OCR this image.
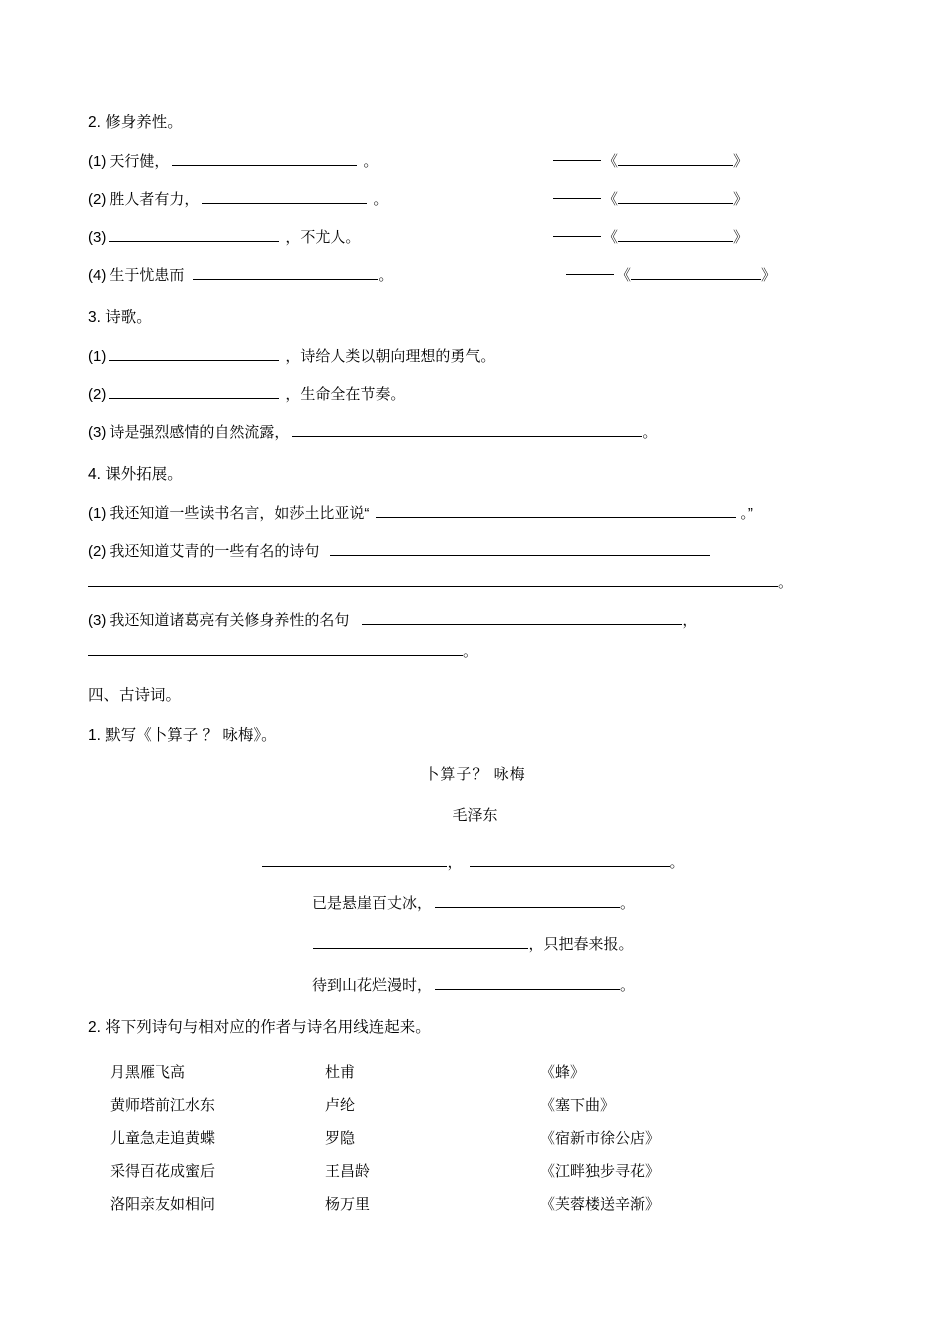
2. 修身养性。
(1) 天行健，	。	《	》
(2) 胜人者有力，	。	《	》
(3)	，不尤人。	《	》
(4) 生于忧患而	。	《	》
3. 诗歌。
(1)	，诗给人类以朝向理想的勇气。
(2)	，生命全在节奏。
(3) 诗是强烈感情的自然流露，	。
4. 课外拓展。
(1) 我还知道一些读书名言，如莎土比亚说“	。”
(2) 我还知道艾青的一些有名的诗句
。
(3) 我还知道诸葛亮有关修身养性的名句	，
。
四、古诗词。
1. 默写《卜算子 ？ 咏梅》。
卜算子？ 咏梅
毛泽东
，	。
已是悬崖百丈冰，	。
，只把春来报。
待到山花烂漫时，	。
2. 将下列诗句与相对应的作者与诗名用线连起来。
月黑雁飞高	杜甫	《蜂》
黄师塔前江水东	卢纶	《塞下曲》
儿童急走追黄蝶	罗隐	《宿新市徐公店》
采得百花成蜜后	王昌龄	《江畔独步寻花》
洛阳亲友如相问	杨万里	《芙蓉楼送辛渐》
